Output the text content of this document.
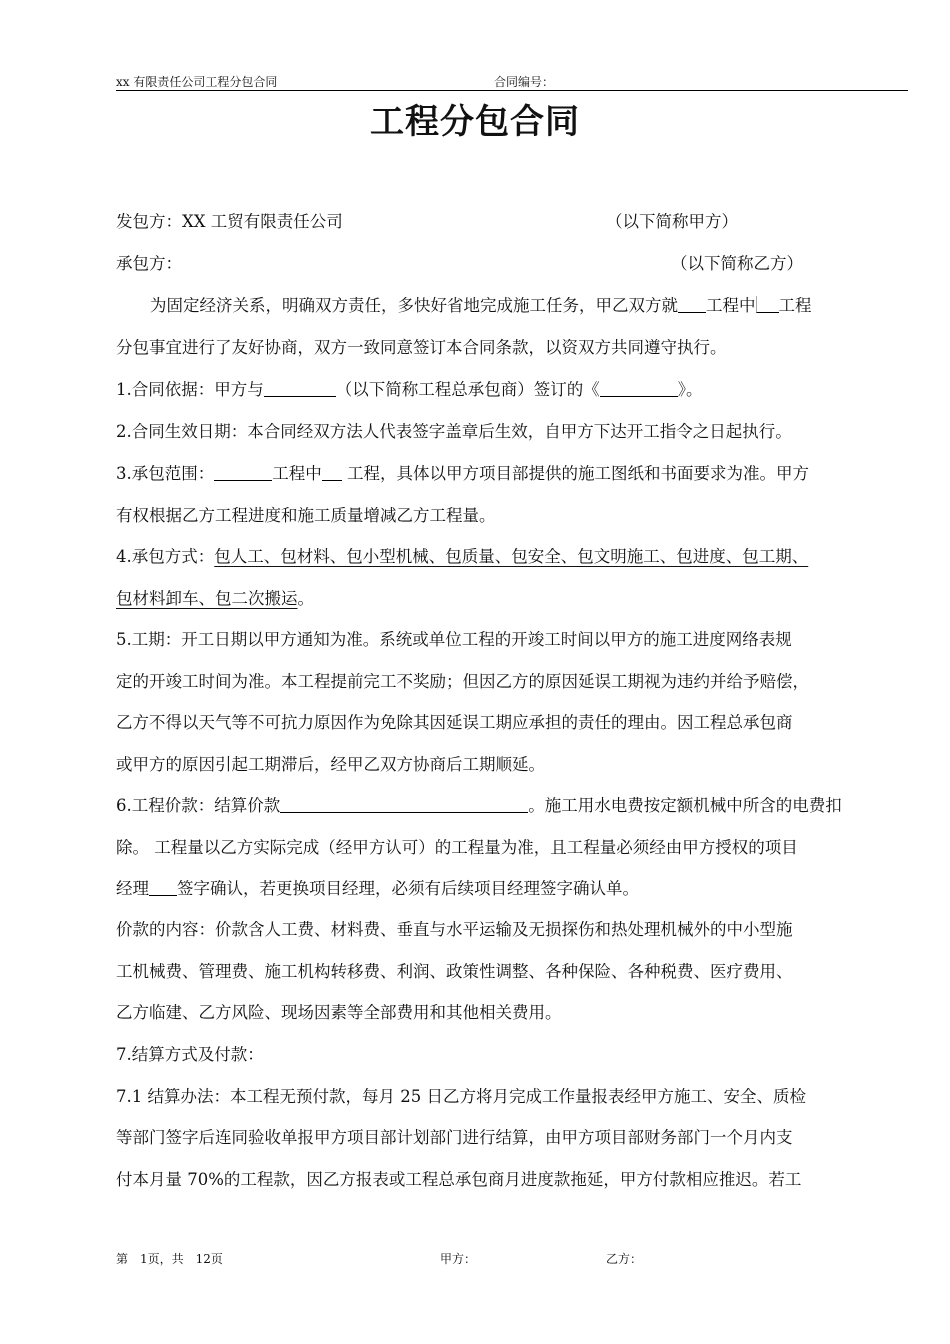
xx 有限责任公司工程分包合同	合同编号：
工程分包合同
发包方：XX 工贸有限责任公司	（以下简称甲方）
承包方：	（以下简称乙方）
为固定经济关系，明确双方责任，多快好省地完成施工任务，甲乙双方就 工程中 工程
分包事宜进行了友好协商，双方一致同意签订本合同条款，以资双方共同遵守执行。
1.合同依据：甲方与	（以下简称工程总承包商）签订的《	》。
2.合同生效日期：本合同经双方法人代表签字盖章后生效，自甲方下达开工指令之日起执行。
3.承包范围：	工程中 工程，具体以甲方项目部提供的施工图纸和书面要求为准。甲方
有权根据乙方工程进度和施工质量增减乙方工程量。
4.承包方式：包人工、包材料、包小型机械、包质量、包安全、包文明施工、包进度、包工期、
包材料卸车、包二次搬运。
5.工期：开工日期以甲方通知为准。系统或单位工程的开竣工时间以甲方的施工进度网络表规
定的开竣工时间为准。本工程提前完工不奖励；但因乙方的原因延误工期视为违约并给予赔偿，
乙方不得以天气等不可抗力原因作为免除其因延误工期应承担的责任的理由。因工程总承包商
或甲方的原因引起工期滞后，经甲乙双方协商后工期顺延。
6.工程价款：结算价款	。施工用水电费按定额机械中所含的电费扣
除。 工程量以乙方实际完成（经甲方认可）的工程量为准，且工程量必须经由甲方授权的项目
经理 签字确认，若更换项目经理，必须有后续项目经理签字确认单。
价款的内容：价款含人工费、材料费、垂直与水平运输及无损探伤和热处理机械外的中小型施
工机械费、管理费、施工机构转移费、利润、政策性调整、各种保险、各种税费、医疗费用、
乙方临建、乙方风险、现场因素等全部费用和其他相关费用。
7.结算方式及付款：
7.1 结算办法：本工程无预付款，每月 25 日乙方将月完成工作量报表经甲方施工、安全、质检
等部门签字后连同验收单报甲方项目部计划部门进行结算，由甲方项目部财务部门一个月内支
付本月量 70%的工程款，因乙方报表或工程总承包商月进度款拖延，甲方付款相应推迟。若工
第　1页，共　12页	甲方：	乙方：
